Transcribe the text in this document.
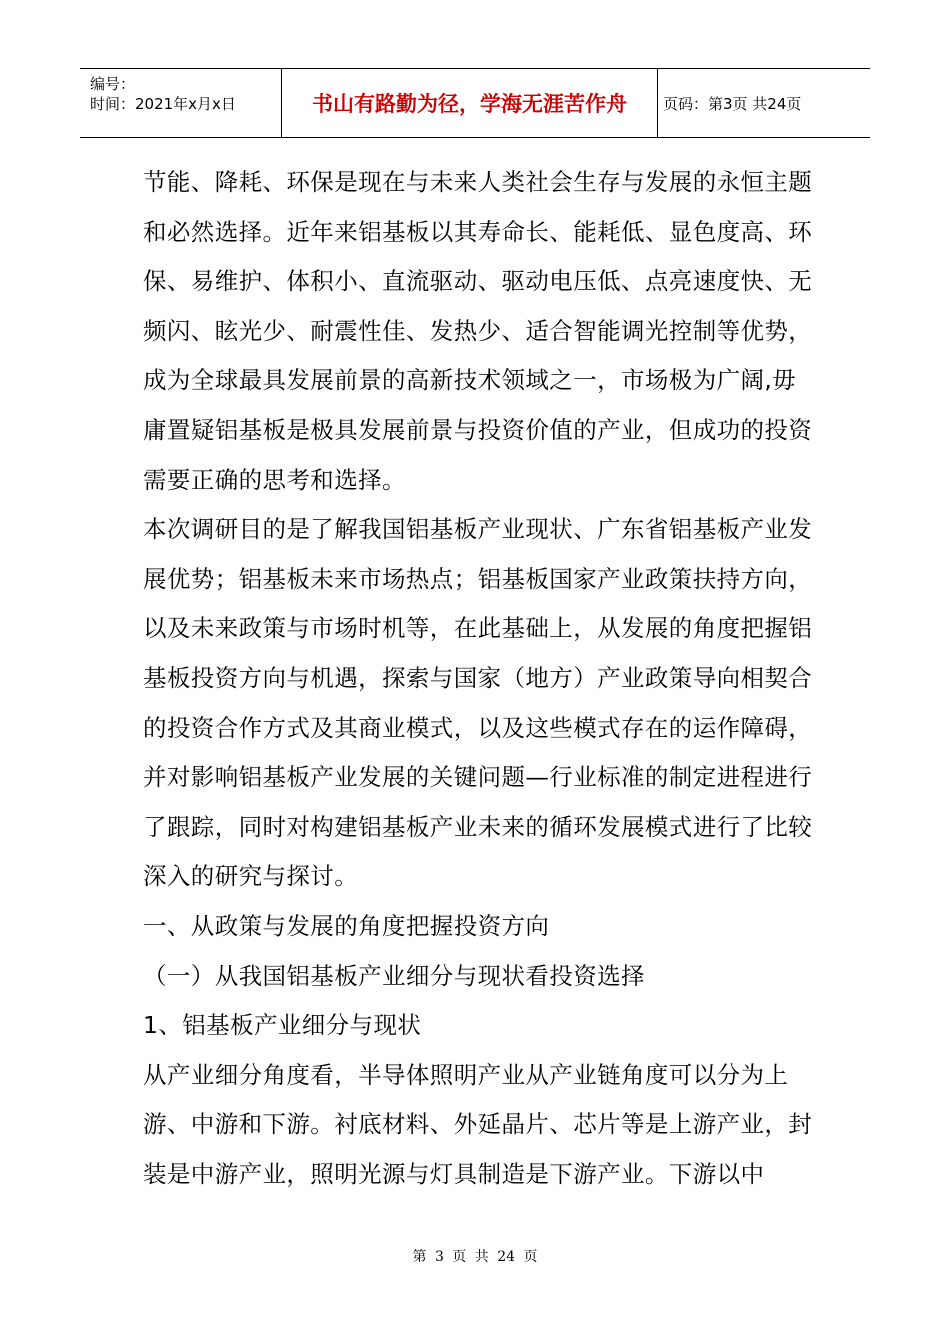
编号：
时间：2021年x月x日	书山有路勤为径，学海无涯苦作舟	页码：第3页 共24页

节能、降耗、环保是现在与未来人类社会生存与发展的永恒主题和必然选择。近年来铝基板以其寿命长、能耗低、显色度高、环保、易维护、体积小、直流驱动、驱动电压低、点亮速度快、无频闪、眩光少、耐震性佳、发热少、适合智能调光控制等优势，成为全球最具发展前景的高新技术领域之一，市场极为广阔,毋庸置疑铝基板是极具发展前景与投资价值的产业，但成功的投资需要正确的思考和选择。

本次调研目的是了解我国铝基板产业现状、广东省铝基板产业发展优势；铝基板未来市场热点；铝基板国家产业政策扶持方向，以及未来政策与市场时机等，在此基础上，从发展的角度把握铝基板投资方向与机遇，探索与国家（地方）产业政策导向相契合的投资合作方式及其商业模式，以及这些模式存在的运作障碍，并对影响铝基板产业发展的关键问题—行业标准的制定进程进行了跟踪，同时对构建铝基板产业未来的循环发展模式进行了比较深入的研究与探讨。

一、从政策与发展的角度把握投资方向

（一）从我国铝基板产业细分与现状看投资选择

1、铝基板产业细分与现状

从产业细分角度看，半导体照明产业从产业链角度可以分为上游、中游和下游。衬底材料、外延晶片、芯片等是上游产业，封装是中游产业，照明光源与灯具制造是下游产业。下游以中

第 3 页 共 24 页
